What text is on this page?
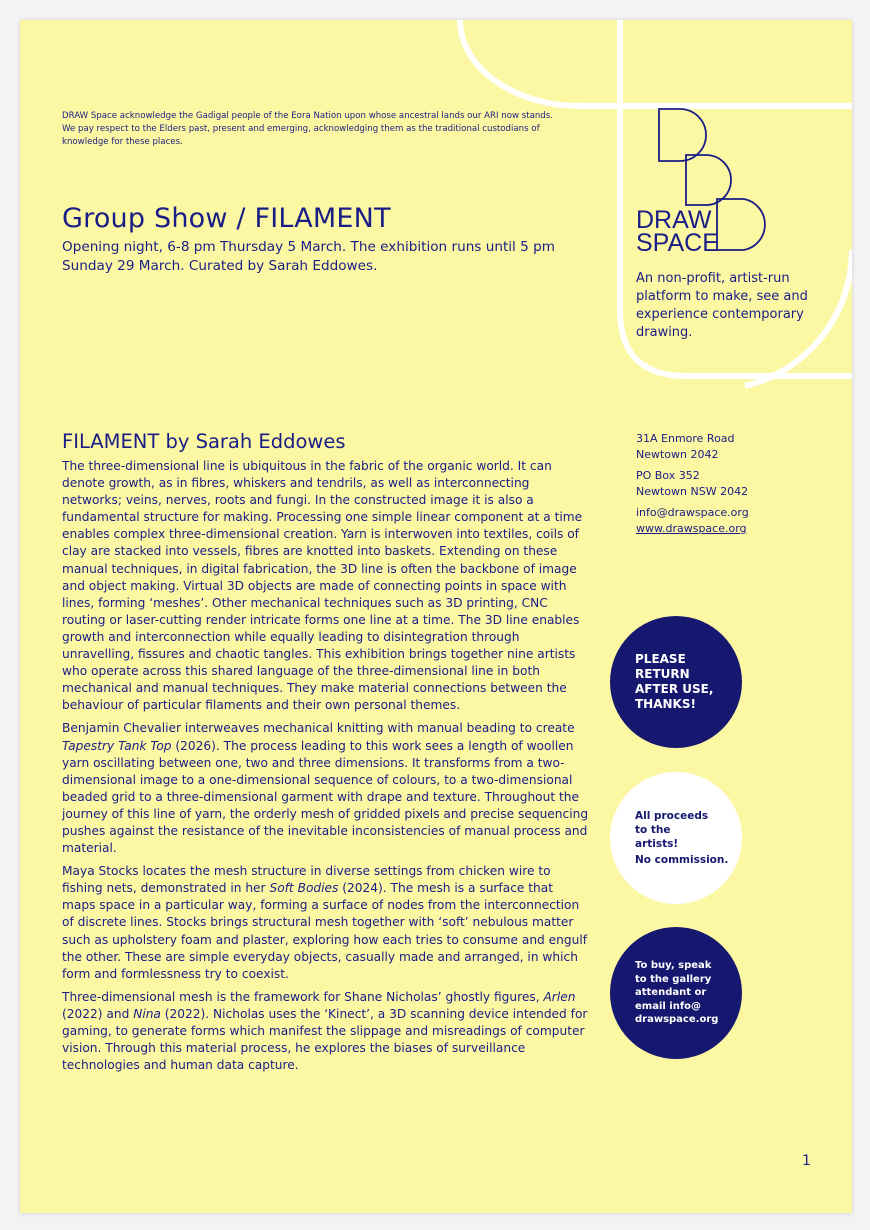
DRAW Space acknowledge the Gadigal people of the Eora Nation upon whose ancestral lands our ARI now stands. We pay respect to the Elders past, present and emerging, acknowledging them as the traditional custodians of knowledge for these places.
Group Show / FILAMENT
Opening night, 6-8 pm Thursday 5 March. The exhibition runs until 5 pm Sunday 29 March. Curated by Sarah Eddowes.
DRAW
SPACE
An non-profit, artist-run platform to make, see and experience contemporary drawing.
31A Enmore Road
Newtown 2042
PO Box 352
Newtown NSW 2042
info@drawspace.org
www.drawspace.org
FILAMENT by Sarah Eddowes

The three-dimensional line is ubiquitous in the fabric of the organic world. It can denote growth, as in fibres, whiskers and tendrils, as well as interconnecting networks; veins, nerves, roots and fungi. In the constructed image it is also a fundamental structure for making. Processing one simple linear component at a time enables complex three-dimensional creation. Yarn is interwoven into textiles, coils of clay are stacked into vessels, fibres are knotted into baskets. Extending on these manual techniques, in digital fabrication, the 3D line is often the backbone of image and object making. Virtual 3D objects are made of connecting points in space with lines, forming ‘meshes’. Other mechanical techniques such as 3D printing, CNC routing or laser-cutting render intricate forms one line at a time. The 3D line enables growth and interconnection while equally leading to disintegration through unravelling, fissures and chaotic tangles. This exhibition brings together nine artists who operate across this shared language of the three-dimensional line in both mechanical and manual techniques. They make material connections between the behaviour of particular filaments and their own personal themes.

Benjamin Chevalier interweaves mechanical knitting with manual beading to create Tapestry Tank Top (2026). The process leading to this work sees a length of woollen yarn oscillating between one, two and three dimensions. It transforms from a two-dimensional image to a one-dimensional sequence of colours, to a two-dimensional beaded grid to a three-dimensional garment with drape and texture. Throughout the journey of this line of yarn, the orderly mesh of gridded pixels and precise sequencing pushes against the resistance of the inevitable inconsistencies of manual process and material.

Maya Stocks locates the mesh structure in diverse settings from chicken wire to fishing nets, demonstrated in her Soft Bodies (2024). The mesh is a surface that maps space in a particular way, forming a surface of nodes from the interconnection of discrete lines. Stocks brings structural mesh together with ‘soft’ nebulous matter such as upholstery foam and plaster, exploring how each tries to consume and engulf the other. These are simple everyday objects, casually made and arranged, in which form and formlessness try to coexist.

Three-dimensional mesh is the framework for Shane Nicholas’ ghostly figures, Arlen (2022) and Nina (2022). Nicholas uses the ‘Kinect’, a 3D scanning device intended for gaming, to generate forms which manifest the slippage and misreadings of computer vision. Through this material process, he explores the biases of surveillance technologies and human data capture.

PLEASE RETURN AFTER USE, THANKS!
All proceeds to the artists!
No commission.
To buy, speak to the gallery attendant or email info@ drawspace.org
1
